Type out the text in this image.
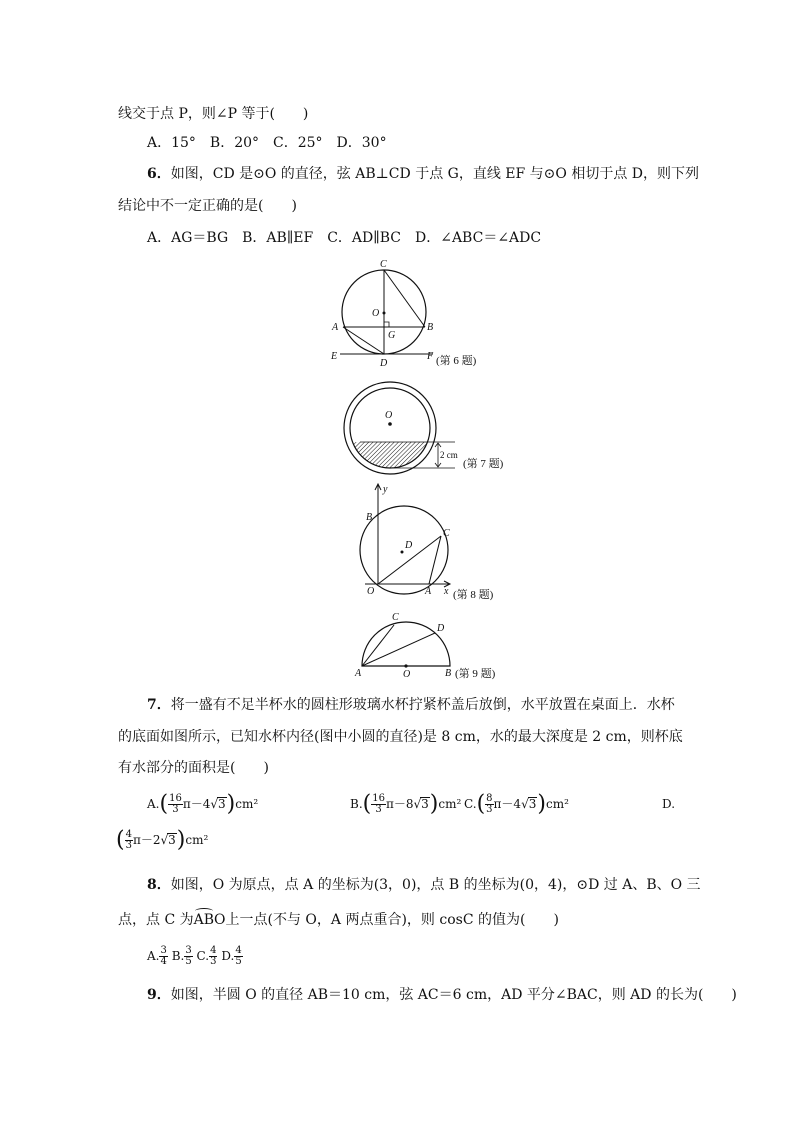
线交于点 P，则∠P 等于(　　)
A．15°　B．20°　C．25°　D．30°
6．如图，CD 是⊙O 的直径，弦 AB⊥CD 于点 G，直线 EF 与⊙O 相切于点 D，则下列
结论中不一定正确的是(　　)
A．AG＝BG　B．AB∥EF　C．AD∥BC　D．∠ABC＝∠ADC
C
O
A	B
G
E
D
F (第 6 题)
O
2 cm
(第 7 题)
y
B
C
D
O	A x (第 8 题)
C
D
A	O	B (第 9 题)
7．将一盛有不足半杯水的圆柱形玻璃水杯拧紧杯盖后放倒，水平放置在桌面上．水杯
的底面如图所示，已知水杯内径(图中小圆的直径)是 8 cm，水的最大深度是 2 cm，则杯底
有水部分的面积是(　　)
$A.( \frac{16}{3} \pi-4√3)cm^2$	$B.( \frac{16}{3} \pi-8√3)cm^2$ $C.( \frac{8}{3} \pi-4√3)cm^2$	D.
( $\frac{4}{3} \pi-2√3)cm^2$
8．如图，O 为原点，点 A 的坐标为(3，0)，点 B 的坐标为(0，4)，⊙D 过 A、B、O 三
点，点 C 为ABO上一点(不与 O，A 两点重合)，则 cosC 的值为(　　)
A. $\frac{3}{4} B$. $\frac{3}{5} C$. $\frac{4}{3} D$. $\frac{4}{5}$
9．如图，半圆 O 的直径 AB＝10 cm，弦 AC＝6 cm，AD 平分∠BAC，则 AD 的长为(　　)
